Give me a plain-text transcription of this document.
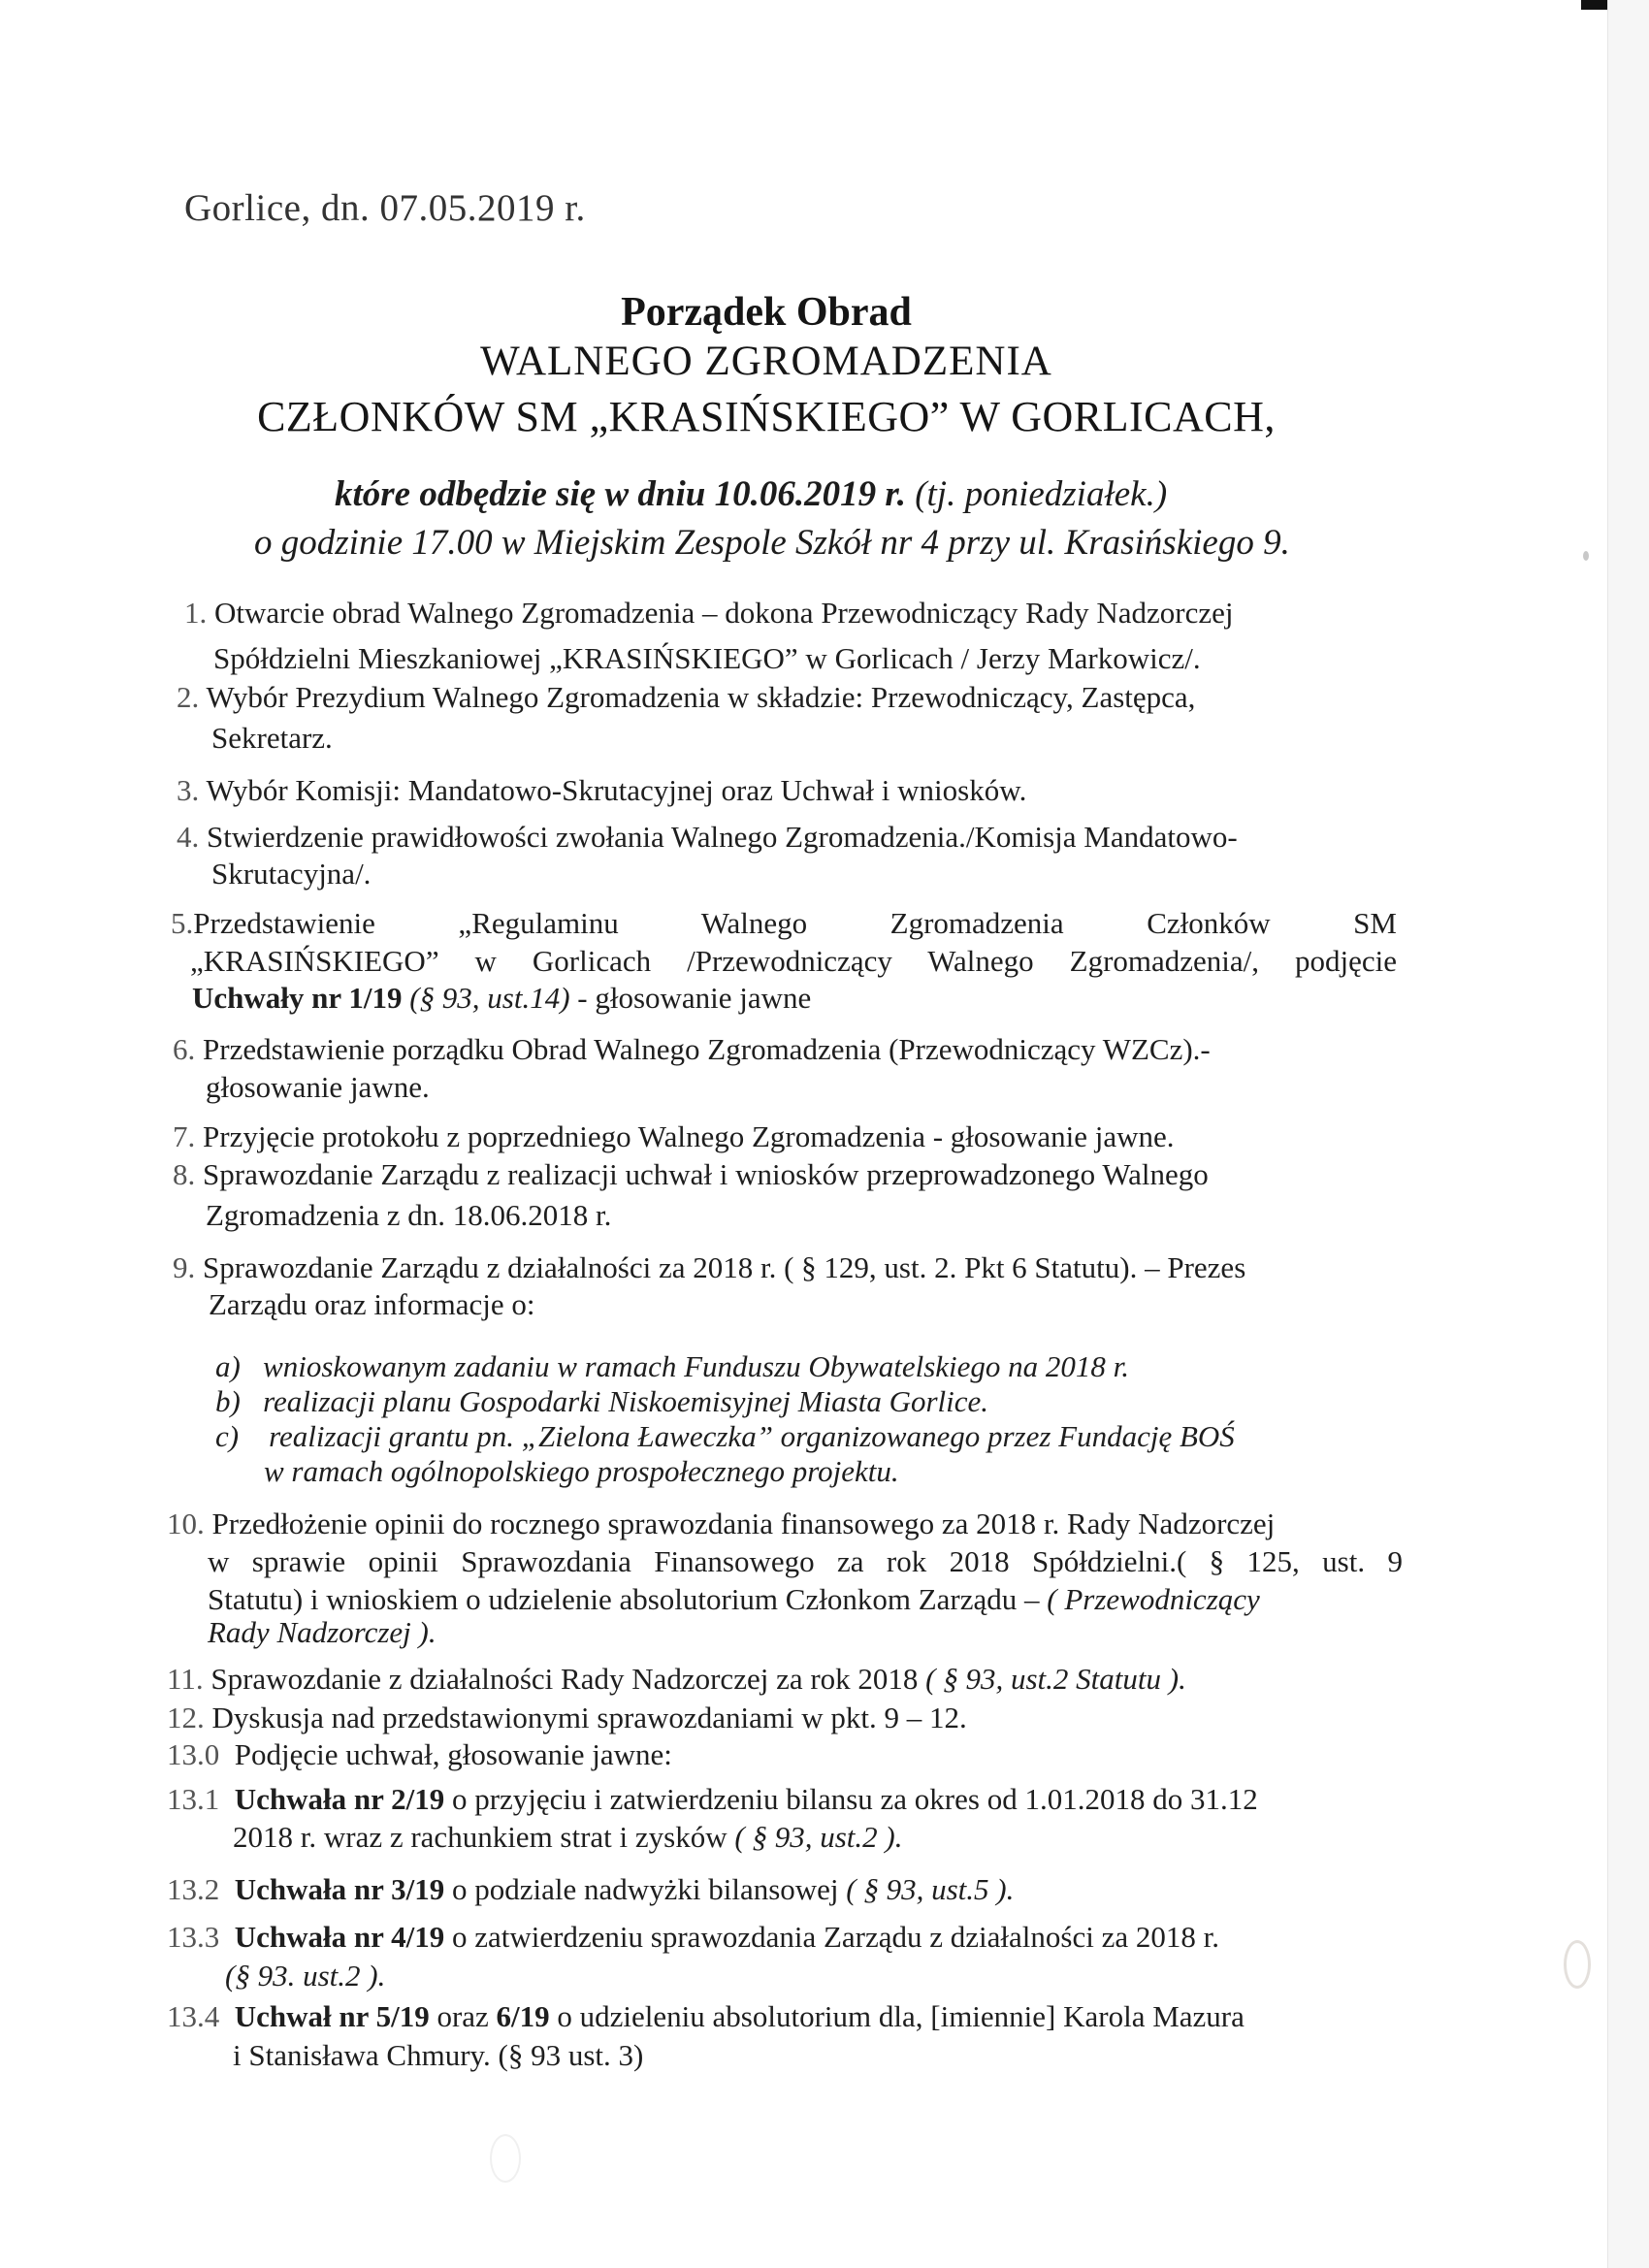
Gorlice, dn. 07.05.2019 r.
Porządek Obrad
WALNEGO ZGROMADZENIA
CZŁONKÓW SM „KRASIŃSKIEGO” W GORLICACH,
które odbędzie się w dniu 10.06.2019 r. (tj. poniedziałek.)
o godzinie 17.00 w Miejskim Zespole Szkół nr 4 przy ul. Krasińskiego 9.
1. Otwarcie obrad Walnego Zgromadzenia – dokona Przewodniczący Rady Nadzorczej
Spółdzielni Mieszkaniowej „KRASIŃSKIEGO” w Gorlicach / Jerzy Markowicz/.
2. Wybór Prezydium Walnego Zgromadzenia w składzie: Przewodniczący, Zastępca,
Sekretarz.
3. Wybór Komisji: Mandatowo-Skrutacyjnej oraz Uchwał i wniosków.
4. Stwierdzenie prawidłowości zwołania Walnego Zgromadzenia./Komisja Mandatowo-
Skrutacyjna/.
5.Przedstawienie „Regulaminu Walnego Zgromadzenia Członków SM
„KRASIŃSKIEGO” w Gorlicach /Przewodniczący Walnego Zgromadzenia/, podjęcie
Uchwały nr 1/19 (§ 93, ust.14) - głosowanie jawne
6. Przedstawienie porządku Obrad Walnego Zgromadzenia (Przewodniczący WZCz).-
głosowanie jawne.
7. Przyjęcie protokołu z poprzedniego Walnego Zgromadzenia - głosowanie jawne.
8. Sprawozdanie Zarządu z realizacji uchwał i wniosków przeprowadzonego Walnego
Zgromadzenia z dn. 18.06.2018 r.
9. Sprawozdanie Zarządu z działalności za 2018 r. ( § 129, ust. 2. Pkt 6 Statutu). – Prezes
Zarządu oraz informacje o:
a) wnioskowanym zadaniu w ramach Funduszu Obywatelskiego na 2018 r.
b) realizacji planu Gospodarki Niskoemisyjnej Miasta Gorlice.
c) realizacji grantu pn. „Zielona Ławeczka” organizowanego przez Fundację BOŚ
w ramach ogólnopolskiego prospołecznego projektu.
10. Przedłożenie opinii do rocznego sprawozdania finansowego za 2018 r. Rady Nadzorczej
w sprawie opinii Sprawozdania Finansowego za rok 2018 Spółdzielni.( § 125, ust. 9
Statutu) i wnioskiem o udzielenie absolutorium Członkom Zarządu – ( Przewodniczący
Rady Nadzorczej ).
11. Sprawozdanie z działalności Rady Nadzorczej za rok 2018 ( § 93, ust.2 Statutu ).
12. Dyskusja nad przedstawionymi sprawozdaniami w pkt. 9 – 12.
13.0 Podjęcie uchwał, głosowanie jawne:
13.1 Uchwała nr 2/19 o przyjęciu i zatwierdzeniu bilansu za okres od 1.01.2018 do 31.12
2018 r. wraz z rachunkiem strat i zysków ( § 93, ust.2 ).
13.2 Uchwała nr 3/19 o podziale nadwyżki bilansowej ( § 93, ust.5 ).
13.3 Uchwała nr 4/19 o zatwierdzeniu sprawozdania Zarządu z działalności za 2018 r.
(§ 93. ust.2 ).
13.4 Uchwał nr 5/19 oraz 6/19 o udzieleniu absolutorium dla, [imiennie] Karola Mazura
i Stanisława Chmury. (§ 93 ust. 3)
